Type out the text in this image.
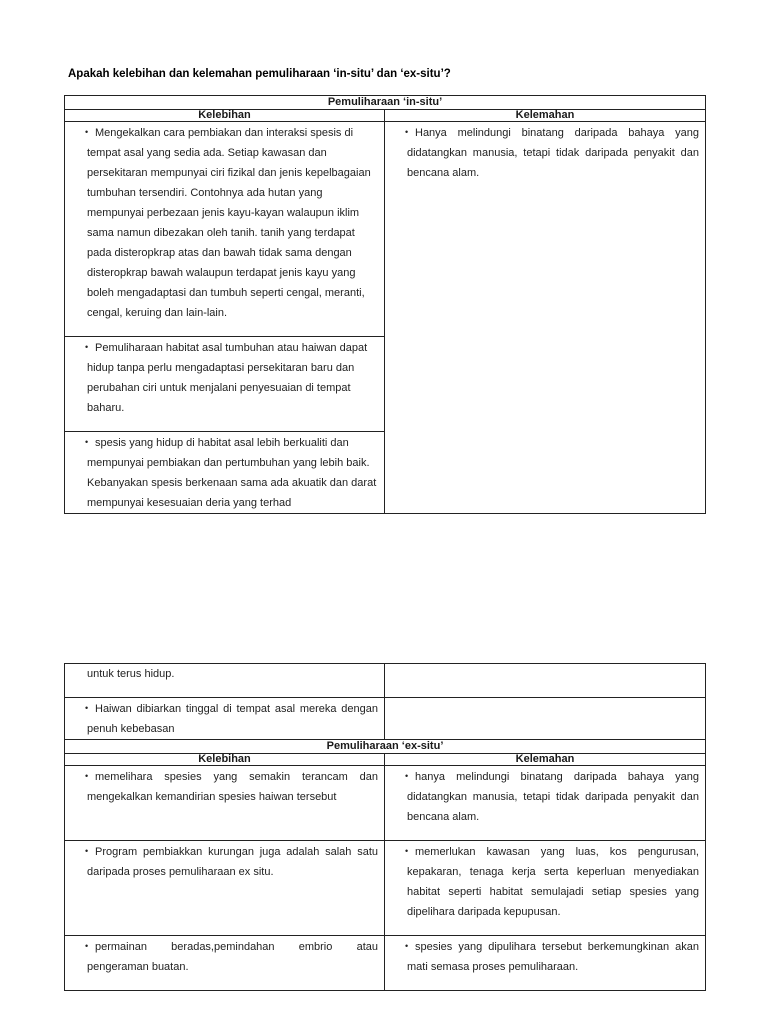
Apakah kelebihan dan kelemahan pemuliharaan ‘in-situ’ dan ‘ex-situ’?
Pemuliharaan ‘in-situ’	
Kelebihan	Kelemahan

• Mengekalkan cara pembiakan dan interaksi spesis di tempat asal yang sedia ada. Setiap kawasan dan persekitaran mempunyai ciri fizikal dan jenis kepelbagaian tumbuhan tersendiri. Contohnya ada hutan yang mempunyai perbezaan jenis kayu-kayan walaupun iklim sama namun dibezakan oleh tanih. tanih yang terdapat pada disteropkrap atas dan bawah tidak sama dengan disteropkrap bawah walaupun terdapat jenis kayu yang boleh mengadaptasi dan tumbuh seperti cengal, meranti, cengal, keruing dan lain-lain.	• Hanya melindungi binatang daripada bahaya yang didatangkan manusia, tetapi tidak daripada penyakit dan bencana alam.

• Pemuliharaan habitat asal tumbuhan atau haiwan dapat hidup tanpa perlu mengadaptasi persekitaran baru dan perubahan ciri untuk menjalani penyesuaian di tempat baharu.	

• spesis yang hidup di habitat asal lebih berkualiti dan mempunyai pembiakan dan pertumbuhan yang lebih baik. Kebanyakan spesis berkenaan sama ada akuatik dan darat mempunyai kesesuaian deria yang terhad	
untuk terus hidup.	

• Haiwan dibiarkan tinggal di tempat asal mereka dengan penuh kebebasan	

Pemuliharaan ‘ex-situ’	
Kelebihan	Kelemahan

• memelihara spesies yang semakin terancam dan mengekalkan kemandirian spesies haiwan tersebut	• hanya melindungi binatang daripada bahaya yang didatangkan manusia, tetapi tidak daripada penyakit dan bencana alam.

• Program pembiakkan kurungan juga adalah salah satu daripada proses pemuliharaan ex situ.	• memerlukan kawasan yang luas, kos pengurusan, kepakaran, tenaga kerja serta keperluan menyediakan habitat seperti habitat semulajadi setiap spesies yang dipelihara daripada kepupusan.

• permainan beradas,pemindahan embrio atau pengeraman buatan.	• spesies yang dipulihara tersebut berkemungkinan akan mati semasa proses pemuliharaan.
